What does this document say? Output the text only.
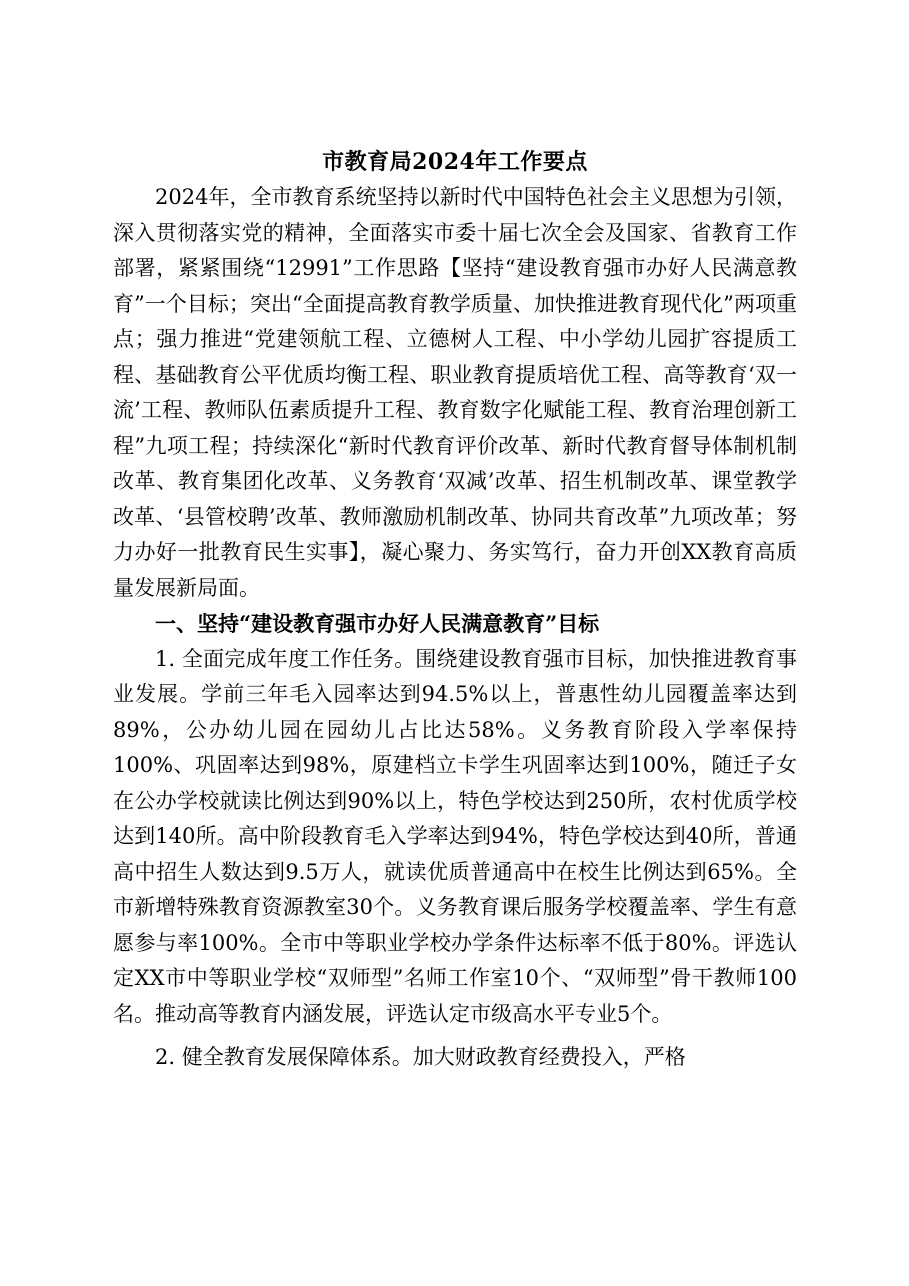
市教育局2024年工作要点

2024年，全市教育系统坚持以新时代中国特色社会主义思想为引领，深入贯彻落实党的精神，全面落实市委十届七次全会及国家、省教育工作部署，紧紧围绕“12991”工作思路【坚持“建设教育强市办好人民满意教育”一个目标；突出“全面提高教育教学质量、加快推进教育现代化”两项重点；强力推进“党建领航工程、立德树人工程、中小学幼儿园扩容提质工程、基础教育公平优质均衡工程、职业教育提质培优工程、高等教育‘双一流’工程、教师队伍素质提升工程、教育数字化赋能工程、教育治理创新工程”九项工程；持续深化“新时代教育评价改革、新时代教育督导体制机制改革、教育集团化改革、义务教育‘双减’改革、招生机制改革、课堂教学改革、‘县管校聘’改革、教师激励机制改革、协同共育改革”九项改革；努力办好一批教育民生实事】，凝心聚力、务实笃行，奋力开创XX教育高质量发展新局面。

一、坚持“建设教育强市办好人民满意教育”目标

1. 全面完成年度工作任务。围绕建设教育强市目标，加快推进教育事业发展。学前三年毛入园率达到94.5%以上，普惠性幼儿园覆盖率达到89%，公办幼儿园在园幼儿占比达58%。义务教育阶段入学率保持100%、巩固率达到98%，原建档立卡学生巩固率达到100%，随迁子女在公办学校就读比例达到90%以上，特色学校达到250所，农村优质学校达到140所。高中阶段教育毛入学率达到94%，特色学校达到40所，普通高中招生人数达到9.5万人，就读优质普通高中在校生比例达到65%。全市新增特殊教育资源教室30个。义务教育课后服务学校覆盖率、学生有意愿参与率100%。全市中等职业学校办学条件达标率不低于80%。评选认定XX市中等职业学校“双师型”名师工作室10个、“双师型”骨干教师100名。推动高等教育内涵发展，评选认定市级高水平专业5个。

2. 健全教育发展保障体系。加大财政教育经费投入，严格
